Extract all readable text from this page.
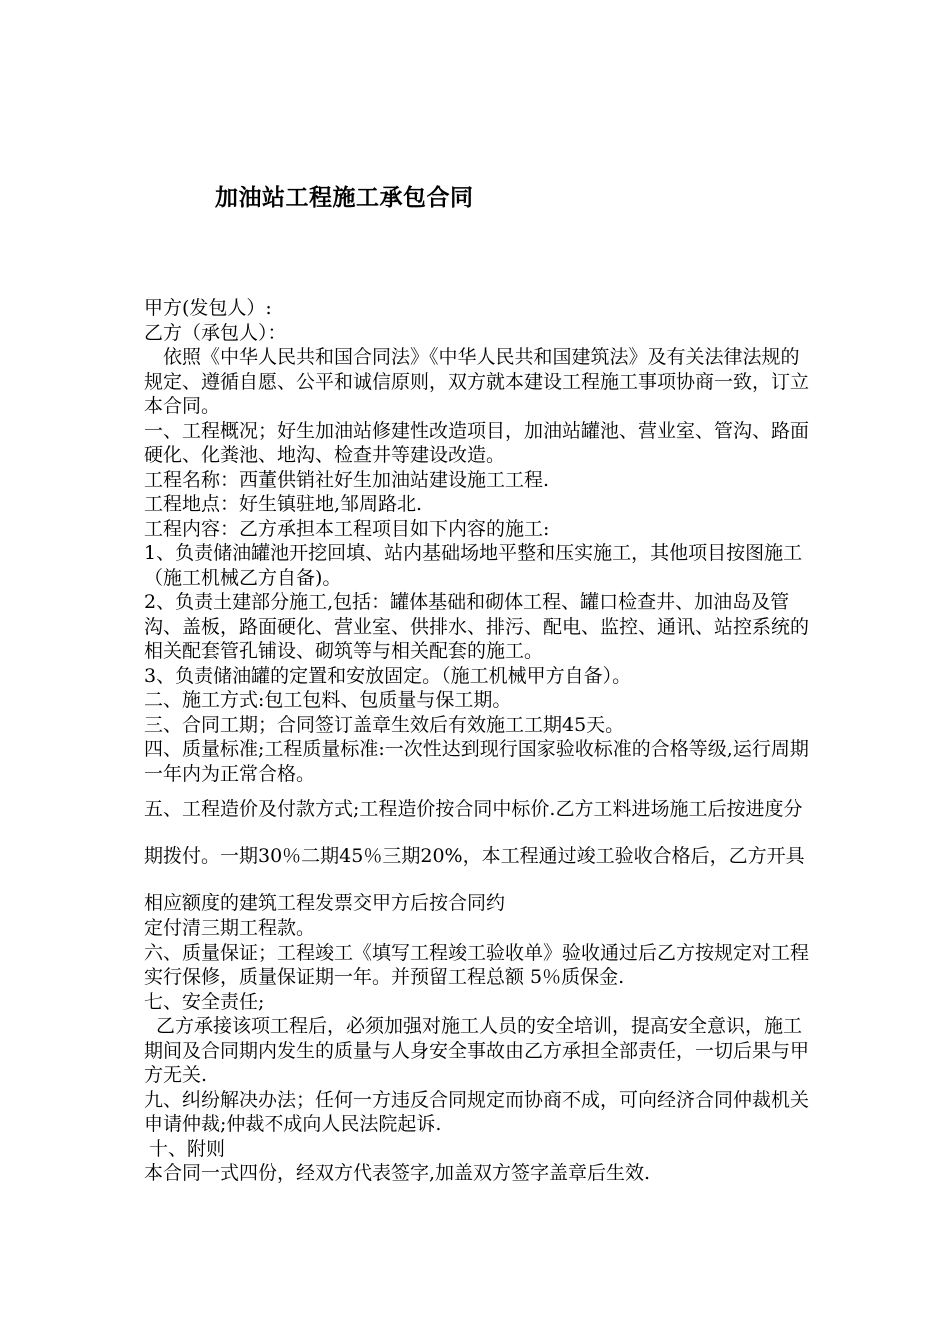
加油站工程施工承包合同

甲方(发包人）:

乙方（承包人）：

依照《中华人民共和国合同法》《中华人民共和国建筑法》及有关法律法规的规定、遵循自愿、公平和诚信原则，双方就本建设工程施工事项协商一致，订立本合同。

一、工程概况；好生加油站修建性改造项目，加油站罐池、营业室、管沟、路面硬化、化粪池、地沟、检查井等建设改造。

工程名称：西董供销社好生加油站建设施工工程.

工程地点：好生镇驻地,邹周路北.

工程内容：乙方承担本工程项目如下内容的施工:

1、负责储油罐池开挖回填、站内基础场地平整和压实施工，其他项目按图施工（施工机械乙方自备)。

2、负责土建部分施工,包括：罐体基础和砌体工程、罐口检查井、加油岛及管沟、盖板，路面硬化、营业室、供排水、排污、配电、监控、通讯、站控系统的相关配套管孔铺设、砌筑等与相关配套的施工。

3、负责储油罐的定置和安放固定。（施工机械甲方自备）。

二、施工方式:包工包料、包质量与保工期。

三、合同工期；合同签订盖章生效后有效施工工期45天。

四、质量标准;工程质量标准:一次性达到现行国家验收标准的合格等级,运行周期一年内为正常合格。

五、工程造价及付款方式;工程造价按合同中标价.乙方工料进场施工后按进度分期拨付。一期30％二期45％三期20%，本工程通过竣工验收合格后，乙方开具相应额度的建筑工程发票交甲方后按合同约

定付清三期工程款。

六、质量保证；工程竣工《填写工程竣工验收单》验收通过后乙方按规定对工程实行保修，质量保证期一年。并预留工程总额 5％质保金.

七、安全责任;

乙方承接该项工程后，必须加强对施工人员的安全培训，提高安全意识，施工期间及合同期内发生的质量与人身安全事故由乙方承担全部责任，一切后果与甲方无关.

九、纠纷解决办法；任何一方违反合同规定而协商不成，可向经济合同仲裁机关申请仲裁;仲裁不成向人民法院起诉.

十、附则

本合同一式四份，经双方代表签字,加盖双方签字盖章后生效.
